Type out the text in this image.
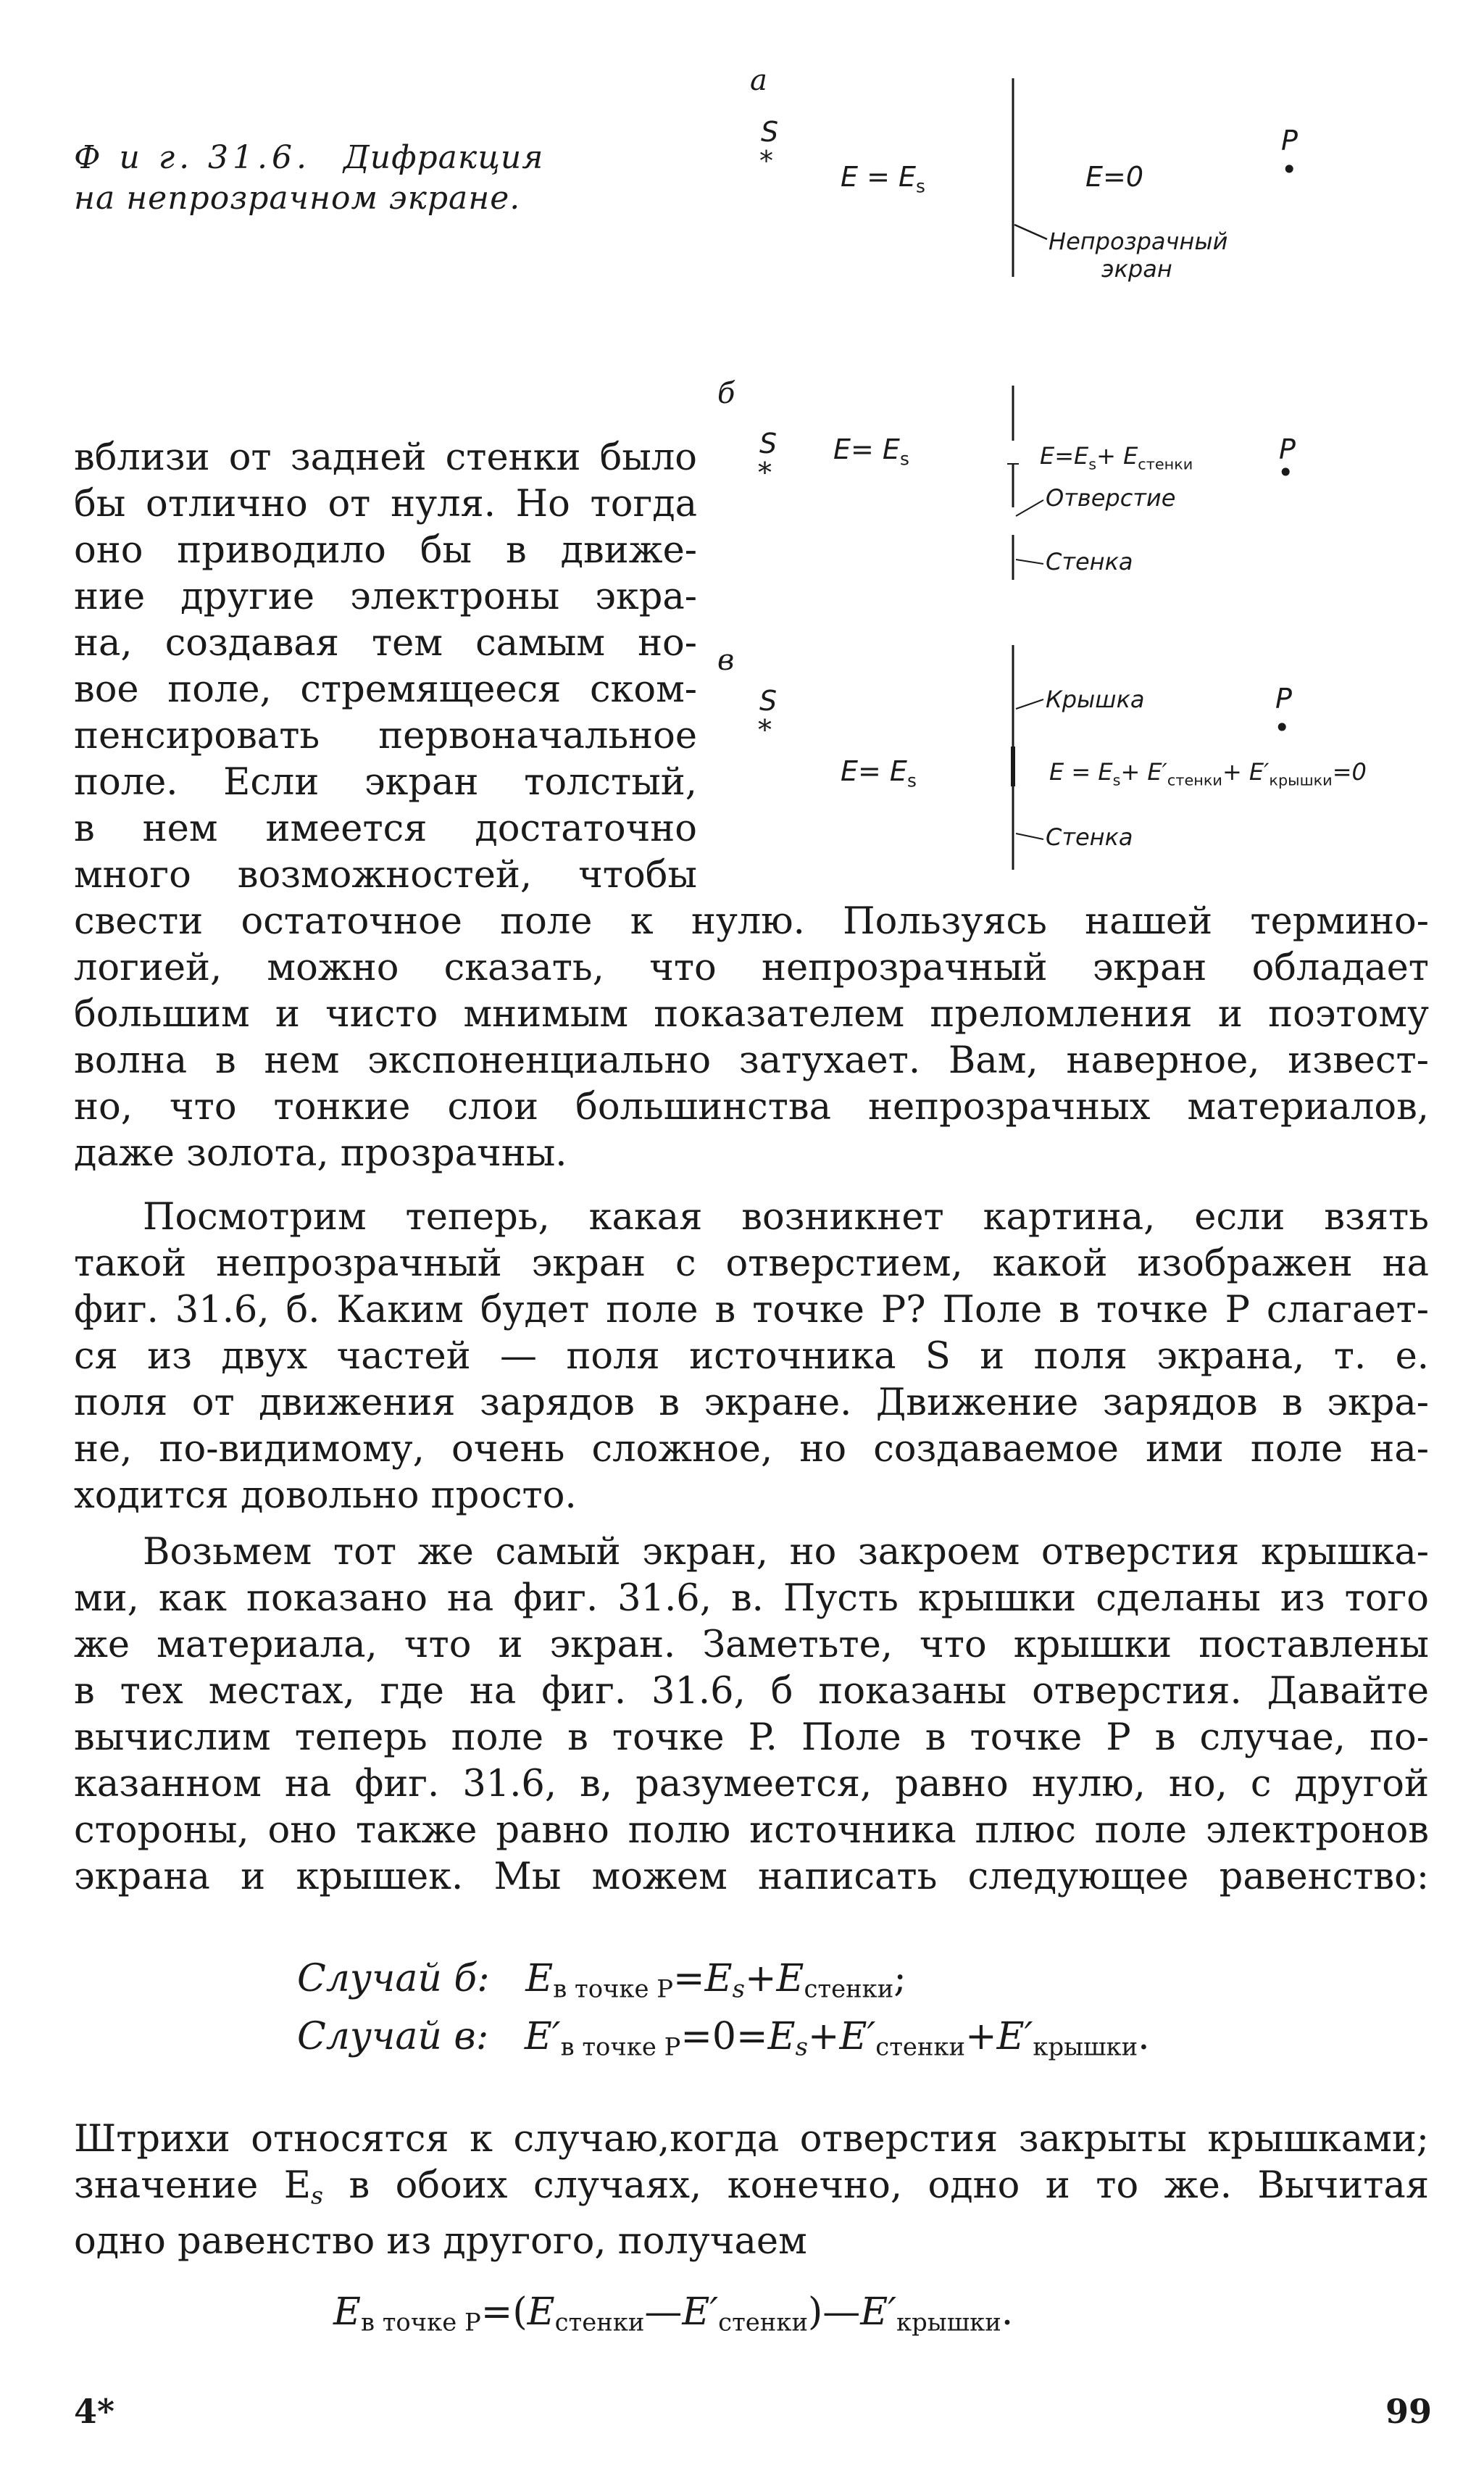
Ф и г. 31.6. Дифракция
на непрозрачном экране.
а
S
* $E = E_s$	E=0
P
•
Непрозрачный
экран
б
S
*
$E= E_s$	$E=E_s+ E_{стенки}$	P
•
Отверстие
Стенка
в
S
*
$E= E_s$	$E = E_s+ E'_{стенки}+ E'_{крышки}=0$
P
•
Крышка
Стенка
вблизи от задней стенки было
бы отлично от нуля. Но тогда
оно приводило бы в движе-
ние другие электроны экра-
на, создавая тем самым но-
вое поле, стремящееся ском-
пенсировать первоначальное
поле. Если экран толстый,
в нем имеется достаточно
много возможностей, чтобы
свести остаточное поле к нулю. Пользуясь нашей термино-
логией, можно сказать, что непрозрачный экран обладает
большим и чисто мнимым показателем преломления и поэтому
волна в нем экспоненциально затухает. Вам, наверное, извест-
но, что тонкие слои большинства непрозрачных материалов,
даже золота, прозрачны.
Посмотрим теперь, какая возникнет картина, если взять
такой непрозрачный экран с отверстием, какой изображен на
фиг. 31.6, б. Каким будет поле в точке P? Поле в точке P слагает-
ся из двух частей — поля источника S и поля экрана, т. е.
поля от движения зарядов в экране. Движение зарядов в экра-
не, по-видимому, очень сложное, но создаваемое ими поле на-
ходится довольно просто.
Возьмем тот же самый экран, но закроем отверстия крышка-
ми, как показано на фиг. 31.6, в. Пусть крышки сделаны из того
же материала, что и экран. Заметьте, что крышки поставлены
в тех местах, где на фиг. 31.6, б показаны отверстия. Давайте
вычислим теперь поле в точке P. Поле в точке P в случае, по-
казанном на фиг. 31.6, в, разумеется, равно нулю, но, с другой
стороны, оно также равно полю источника плюс поле электронов
экрана и крышек. Мы можем написать следующее равенство:
Случай б: $E_{в точке P}=E_s+E_{стенки}$;
Случай в: $E'_{в точке P}=0=E_s+E'_{стенки}+E'_{крышки}$.
Штрихи относятся к случаю,когда отверстия закрыты крышками;
значение $E_s$ в обоих случаях, конечно, одно и то же. Вычитая
одно равенство из другого, получаем
$E_{в точке P}=(E_{стенки}—E'_{стенки})—E'_{крышки}$.
4*	99
